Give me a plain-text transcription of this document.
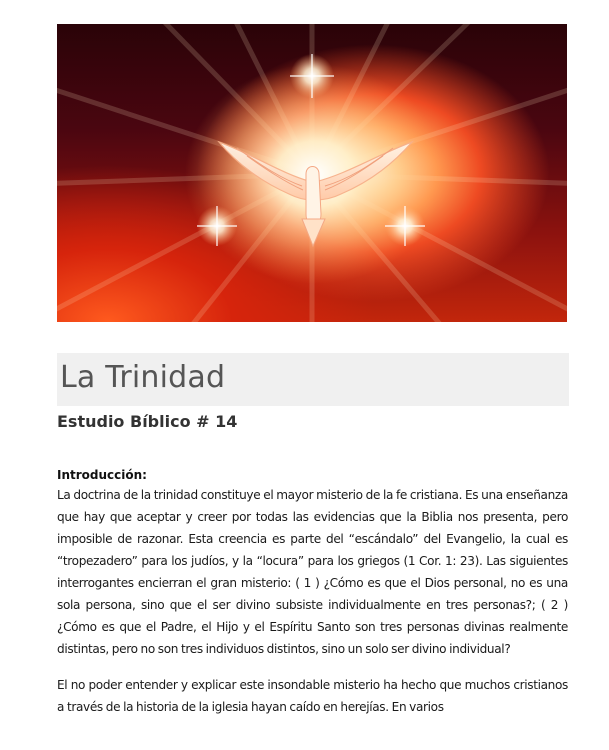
La Trinidad
Estudio Bíblico # 14

Introducción:

La doctrina de la trinidad constituye el mayor misterio de la fe cristiana. Es una enseñanza que hay que aceptar y creer por todas las evidencias que la Biblia nos presenta, pero imposible de razonar. Esta creencia es parte del “escándalo” del Evangelio, la cual es “tropezadero” para los judíos, y la “locura” para los griegos (1 Cor. 1: 23). Las siguientes interrogantes encierran el gran misterio: ( 1 ) ¿Cómo es que el Dios personal, no es una sola persona, sino que el ser divino subsiste individualmente en tres personas?; ( 2 ) ¿Cómo es que el Padre, el Hijo y el Espíritu Santo son tres personas divinas realmente distintas, pero no son tres individuos distintos, sino un solo ser divino individual?

El no poder entender y explicar este insondable misterio ha hecho que muchos cristianos a través de la historia de la iglesia hayan caído en herejías. En varios
